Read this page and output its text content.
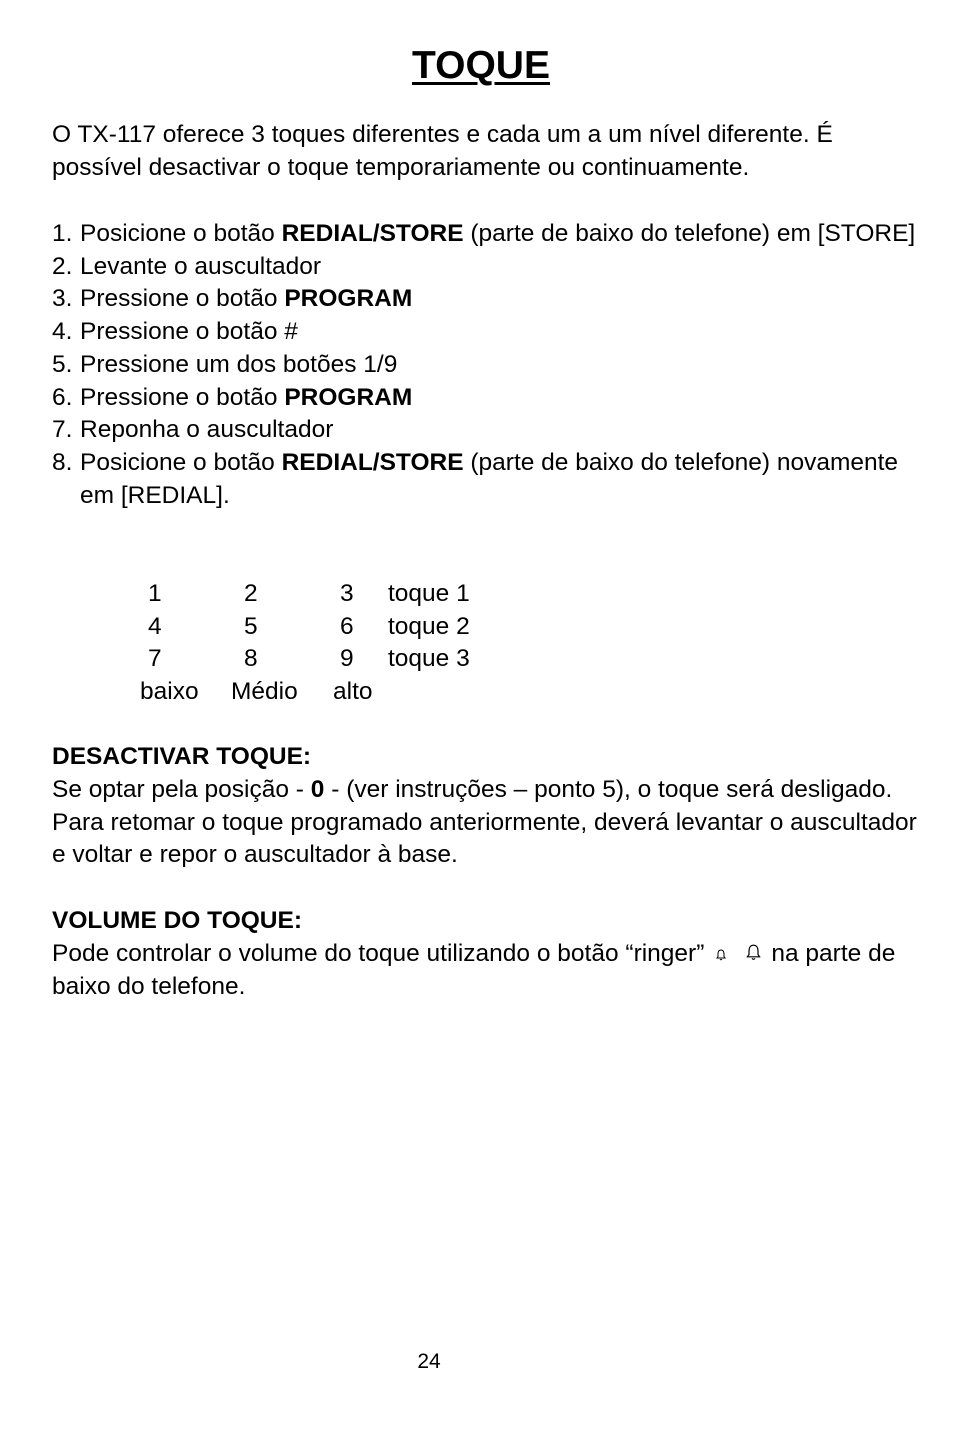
TOQUE

O TX-117 oferece 3 toques diferentes e cada um a um nível diferente. É possível desactivar o toque temporariamente ou continuamente.

1. Posicione o botão REDIAL/STORE (parte de baixo do telefone) em [STORE]
2. Levante o auscultador
3. Pressione o botão PROGRAM
4. Pressione o botão #
5. Pressione um dos botões 1/9
6. Pressione o botão PROGRAM
7. Reponha o auscultador
8. Posicione o botão REDIAL/STORE (parte de baixo do telefone) novamente em [REDIAL].
1	2	3 toque 1
4	5	6 toque 2
7	8	9 toque 3
baixo Médio alto
DESACTIVAR TOQUE:

Se optar pela posição - 0 - (ver instruções – ponto 5), o toque será desligado. Para retomar o toque programado anteriormente, deverá levantar o auscultador e voltar e repor o auscultador à base.

VOLUME DO TOQUE:

Pode controlar o volume do toque utilizando o botão “ringer”	na parte de baixo do telefone.

24
